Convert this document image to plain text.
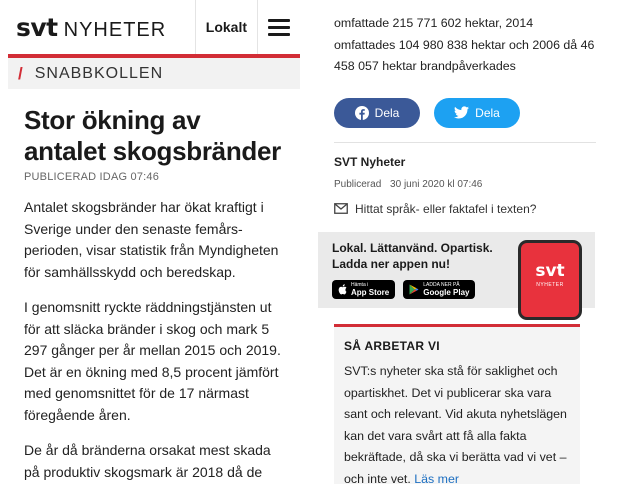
svt NYHETER	Lokalt
/ SNABBKOLLEN
Stor ökning av antalet skogsbränder
PUBLICERAD IDAG 07:46

Antalet skogsbränder har ökat kraftigt i Sverige under den senaste femårs- perioden, visar statistik från Myndigheten för samhällsskydd och beredskap.

I genomsnitt ryckte räddningstjänsten ut för att släcka bränder i skog och mark 5 297 gånger per år mellan 2015 och 2019. Det är en ökning med 8,5 procent jämfört med genomsnittet för de 17 närmast föregående åren.

De år då bränderna orsakat mest skada på produktiv skogsmark är 2018 då de

omfattade 215 771 602 hektar, 2014 omfattades 104 980 838 hektar och 2006 då 46 458 057 hektar brandpåverkades

Dela	Dela
SVT Nyheter
Publicerad 30 juni 2020 kl 07:46
Hittat språk- eller faktafel i texten?
Lokal. Lättanvänd. Opartisk.
Ladda ner appen nu!
Hämta i
App Store
LADDA NER PÅ
Google Play
svt
NYHETER
SÅ ARBETAR VI

SVT:s nyheter ska stå för saklighet och opartiskhet. Det vi publicerar ska vara sant och relevant. Vid akuta nyhetslägen kan det vara svårt att få alla fakta bekräftade, då ska vi berätta vad vi vet – och inte vet. Läs mer
